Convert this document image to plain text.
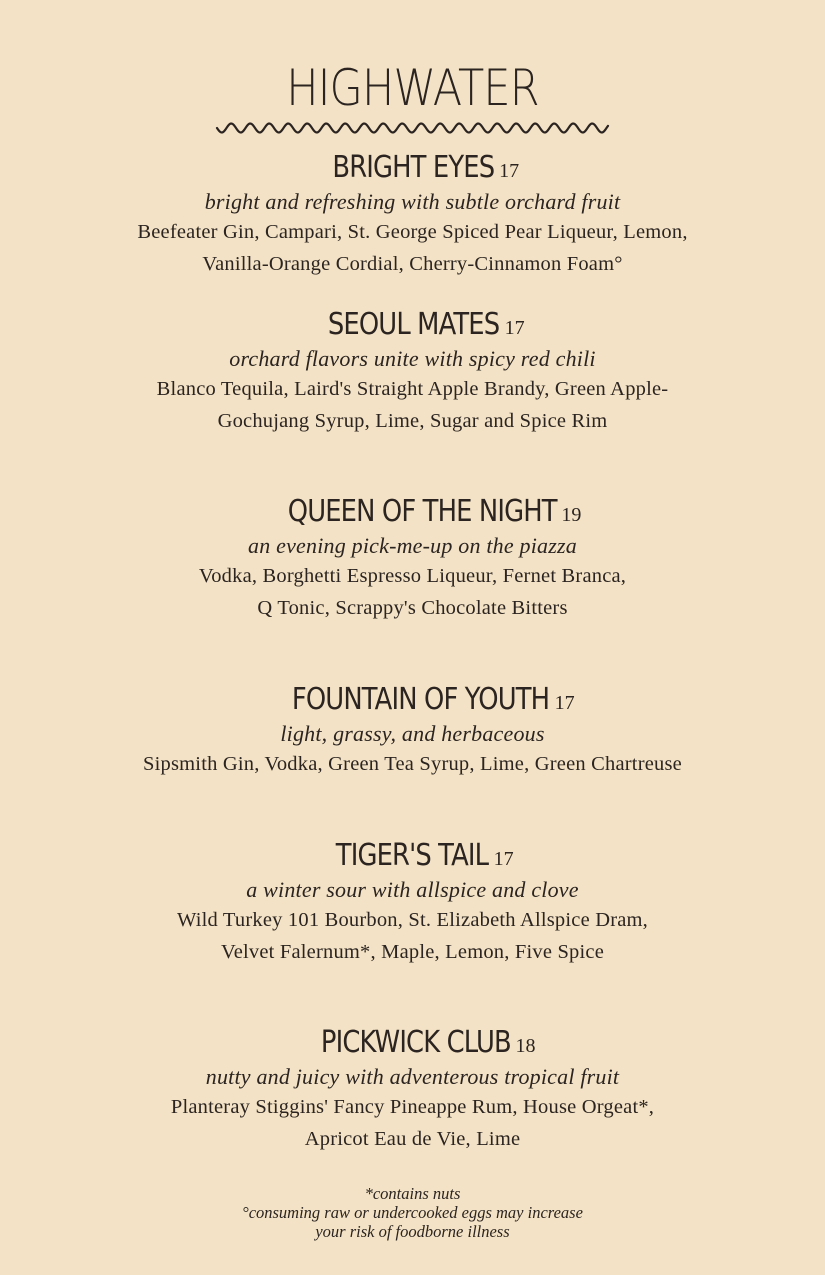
HIGHWATER
BRIGHT EYES 17
bright and refreshing with subtle orchard fruit
Beefeater Gin, Campari, St. George Spiced Pear Liqueur, Lemon,
Vanilla-Orange Cordial, Cherry-Cinnamon Foam°
SEOUL MATES 17
orchard flavors unite with spicy red chili
Blanco Tequila, Laird's Straight Apple Brandy, Green Apple-
Gochujang Syrup, Lime, Sugar and Spice Rim
QUEEN OF THE NIGHT 19
an evening pick-me-up on the piazza
Vodka, Borghetti Espresso Liqueur, Fernet Branca,
Q Tonic, Scrappy's Chocolate Bitters
FOUNTAIN OF YOUTH 17
light, grassy, and herbaceous
Sipsmith Gin, Vodka, Green Tea Syrup, Lime, Green Chartreuse
TIGER'S TAIL 17
a winter sour with allspice and clove
Wild Turkey 101 Bourbon, St. Elizabeth Allspice Dram,
Velvet Falernum*, Maple, Lemon, Five Spice
PICKWICK CLUB 18
nutty and juicy with adventerous tropical fruit
Planteray Stiggins' Fancy Pineappe Rum, House Orgeat*,
Apricot Eau de Vie, Lime
*contains nuts
°consuming raw or undercooked eggs may increase
your risk of foodborne illness
